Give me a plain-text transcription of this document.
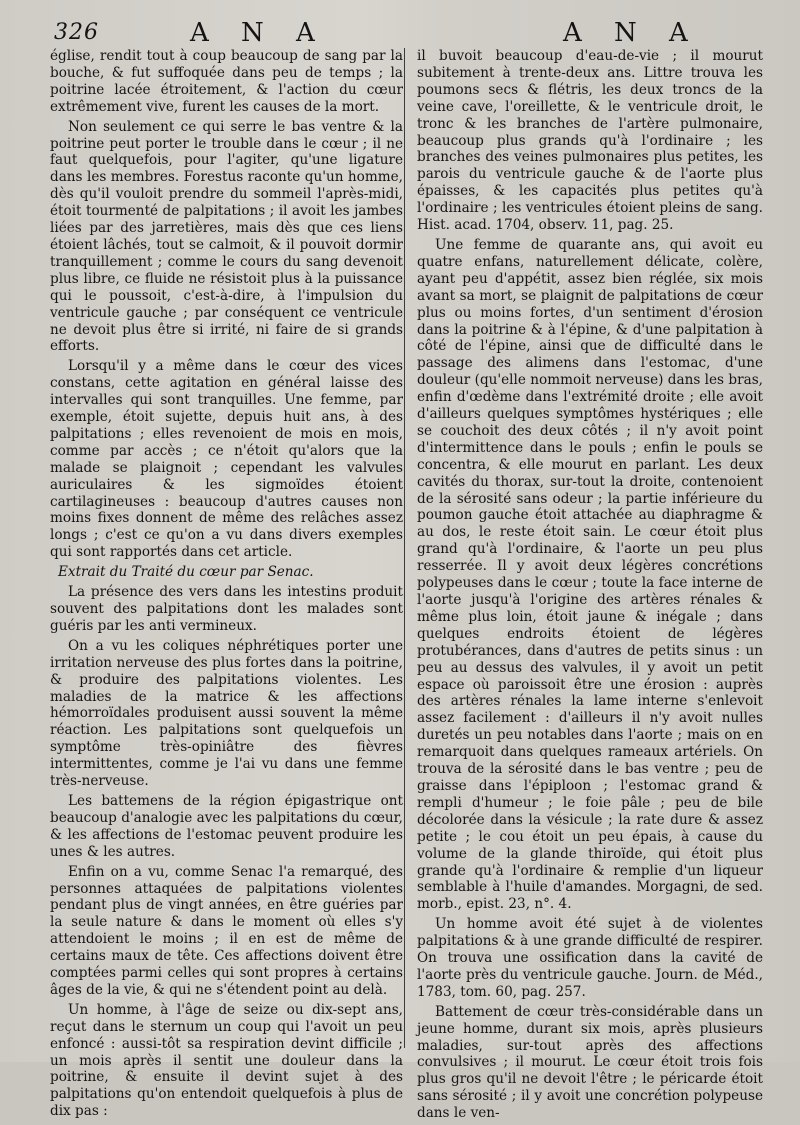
326	A N A	A N A

église, rendit tout à coup beaucoup de sang par la bouche, & fut suffoquée dans peu de temps ; la poitrine lacée étroitement, & l'action du cœur extrêmement vive, furent les causes de la mort.

Non seulement ce qui serre le bas ventre & la poitrine peut porter le trouble dans le cœur ; il ne faut quelquefois, pour l'agiter, qu'une ligature dans les membres. Forestus raconte qu'un homme, dès qu'il vouloit prendre du sommeil l'après-midi, étoit tourmenté de palpitations ; il avoit les jambes liées par des jarretières, mais dès que ces liens étoient lâchés, tout se calmoit, & il pouvoit dormir tranquillement ; comme le cours du sang devenoit plus libre, ce fluide ne résistoit plus à la puissance qui le poussoit, c'est-à-dire, à l'impulsion du ventricule gauche ; par conséquent ce ventricule ne devoit plus être si irrité, ni faire de si grands efforts.

Lorsqu'il y a même dans le cœur des vices constans, cette agitation en général laisse des intervalles qui sont tranquilles. Une femme, par exemple, étoit sujette, depuis huit ans, à des palpitations ; elles revenoient de mois en mois, comme par accès ; ce n'étoit qu'alors que la malade se plaignoit ; cependant les valvules auriculaires & les sigmoïdes étoient cartilagineuses : beaucoup d'autres causes non moins fixes donnent de même des relâches assez longs ; c'est ce qu'on a vu dans divers exemples qui sont rapportés dans cet article.

Extrait du Traité du cœur par Senac.

La présence des vers dans les intestins produit souvent des palpitations dont les malades sont guéris par les anti vermineux.

On a vu les coliques néphrétiques porter une irritation nerveuse des plus fortes dans la poitrine, & produire des palpitations violentes. Les maladies de la matrice & les affections hémorroïdales produisent aussi souvent la même réaction. Les palpitations sont quelquefois un symptôme très-opiniâtre des fièvres intermittentes, comme je l'ai vu dans une femme très-nerveuse.

Les battemens de la région épigastrique ont beaucoup d'analogie avec les palpitations du cœur, & les affections de l'estomac peuvent produire les unes & les autres.

Enfin on a vu, comme Senac l'a remarqué, des personnes attaquées de palpitations violentes pendant plus de vingt années, en être guéries par la seule nature & dans le moment où elles s'y attendoient le moins ; il en est de même de certains maux de tête. Ces affections doivent être comptées parmi celles qui sont propres à certains âges de la vie, & qui ne s'étendent point au delà.

Un homme, à l'âge de seize ou dix-sept ans, reçut dans le sternum un coup qui l'avoit un peu enfoncé : aussi-tôt sa respiration devint difficile ; un mois après il sentit une douleur dans la poitrine, & ensuite il devint sujet à des palpitations qu'on entendoit quelquefois à plus de dix pas :

il buvoit beaucoup d'eau-de-vie ; il mourut subitement à trente-deux ans. Littre trouva les poumons secs & flétris, les deux troncs de la veine cave, l'oreillette, & le ventricule droit, le tronc & les branches de l'artère pulmonaire, beaucoup plus grands qu'à l'ordinaire ; les branches des veines pulmonaires plus petites, les parois du ventricule gauche & de l'aorte plus épaisses, & les capacités plus petites qu'à l'ordinaire ; les ventricules étoient pleins de sang. Hist. acad. 1704, observ. 11, pag. 25.

Une femme de quarante ans, qui avoit eu quatre enfans, naturellement délicate, colère, ayant peu d'appétit, assez bien réglée, six mois avant sa mort, se plaignit de palpitations de cœur plus ou moins fortes, d'un sentiment d'érosion dans la poitrine & à l'épine, & d'une palpitation à côté de l'épine, ainsi que de difficulté dans le passage des alimens dans l'estomac, d'une douleur (qu'elle nommoit nerveuse) dans les bras, enfin d'œdème dans l'extrémité droite ; elle avoit d'ailleurs quelques symptômes hystériques ; elle se couchoit des deux côtés ; il n'y avoit point d'intermittence dans le pouls ; enfin le pouls se concentra, & elle mourut en parlant. Les deux cavités du thorax, sur-tout la droite, contenoient de la sérosité sans odeur ; la partie inférieure du poumon gauche étoit attachée au diaphragme & au dos, le reste étoit sain. Le cœur étoit plus grand qu'à l'ordinaire, & l'aorte un peu plus resserrée. Il y avoit deux légères concrétions polypeuses dans le cœur ; toute la face interne de l'aorte jusqu'à l'origine des artères rénales & même plus loin, étoit jaune & inégale ; dans quelques endroits étoient de légères protubérances, dans d'autres de petits sinus : un peu au dessus des valvules, il y avoit un petit espace où paroissoit être une érosion : auprès des artères rénales la lame interne s'enlevoit assez facilement : d'ailleurs il n'y avoit nulles duretés un peu notables dans l'aorte ; mais on en remarquoit dans quelques rameaux artériels. On trouva de la sérosité dans le bas ventre ; peu de graisse dans l'épiploon ; l'estomac grand & rempli d'humeur ; le foie pâle ; peu de bile décolorée dans la vésicule ; la rate dure & assez petite ; le cou étoit un peu épais, à cause du volume de la glande thiroïde, qui étoit plus grande qu'à l'ordinaire & remplie d'un liqueur semblable à l'huile d'amandes. Morgagni, de sed. morb., epist. 23, n°. 4.

Un homme avoit été sujet à de violentes palpitations & à une grande difficulté de respirer. On trouva une ossification dans la cavité de l'aorte près du ventricule gauche. Journ. de Méd., 1783, tom. 60, pag. 257.

Battement de cœur très-considérable dans un jeune homme, durant six mois, après plusieurs maladies, sur-tout après des affections convulsives ; il mourut. Le cœur étoit trois fois plus gros qu'il ne devoit l'être ; le péricarde étoit sans sérosité ; il y avoit une concrétion polypeuse dans le ven-
